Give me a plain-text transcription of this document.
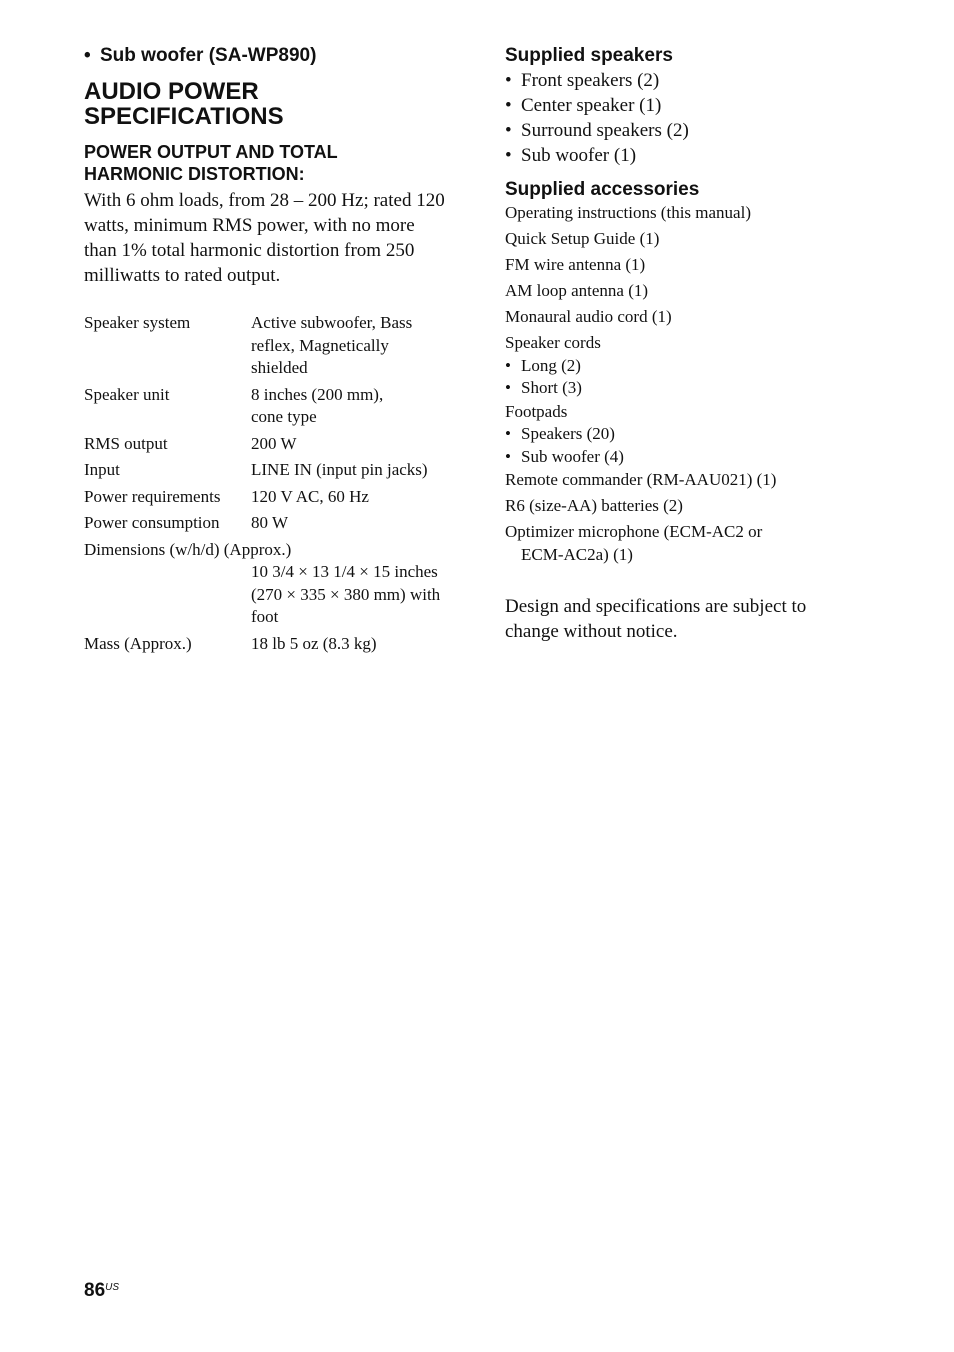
• Sub woofer (SA-WP890)

AUDIO POWER
SPECIFICATIONS
POWER OUTPUT AND TOTAL
HARMONIC DISTORTION:
With 6 ohm loads, from 28 – 200 Hz; rated 120
watts, minimum RMS power, with no more
than 1% total harmonic distortion from 250
milliwatts to rated output.
Speaker system	Active subwoofer, Bass
reflex, Magnetically
shielded

Speaker unit	8 inches (200 mm),
cone type

RMS output	200 W

Input	LINE IN (input pin jacks)

Power requirements	120 V AC, 60 Hz

Power consumption	80 W
Dimensions (w/h/d) (Approx.)
10 3/4 × 13 1/4 × 15 inches
(270 × 335 × 380 mm) with
foot
Mass (Approx.)	18 lb 5 oz (8.3 kg)

Supplied speakers

• Front speakers (2)
• Center speaker (1)
• Surround speakers (2)
• Sub woofer (1)

Supplied accessories

Operating instructions (this manual)
Quick Setup Guide (1)
FM wire antenna (1)
AM loop antenna (1)
Monaural audio cord (1)
Speaker cords
• Long (2)
• Short (3)
Footpads
• Speakers (20)
• Sub woofer (4)
Remote commander (RM-AAU021) (1)
R6 (size-AA) batteries (2)
Optimizer microphone (ECM-AC2 or
ECM-AC2a) (1)
Design and specifications are subject to
change without notice.
$86^{US}$
